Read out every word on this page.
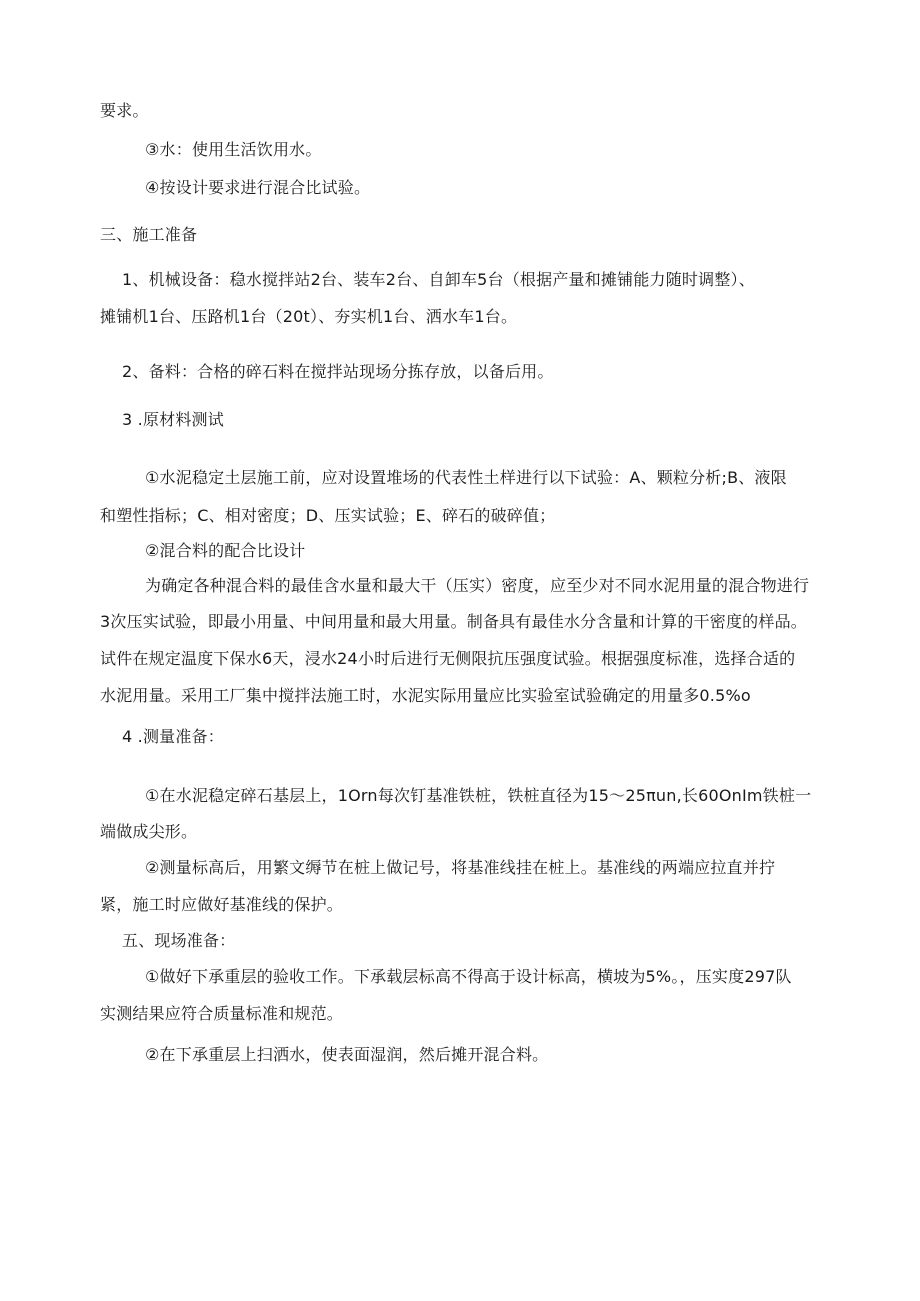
要求。
③水：使用生活饮用水。
④按设计要求进行混合比试验。
三、施工准备
1、机械设备：稳水搅拌站2台、装车2台、自卸车5台（根据产量和摊铺能力随时调整）、
摊铺机1台、压路机1台（20t）、夯实机1台、洒水车1台。
2、备料：合格的碎石料在搅拌站现场分拣存放，以备后用。
3 .原材料测试
①水泥稳定土层施工前，应对设置堆场的代表性土样进行以下试验：A、颗粒分析;B、液限
和塑性指标；C、相对密度；D、压实试验；E、碎石的破碎值；
②混合料的配合比设计
为确定各种混合料的最佳含水量和最大干（压实）密度，应至少对不同水泥用量的混合物进行
3次压实试验，即最小用量、中间用量和最大用量。制备具有最佳水分含量和计算的干密度的样品。
试件在规定温度下保水6天，浸水24小时后进行无侧限抗压强度试验。根据强度标准，选择合适的
水泥用量。采用工厂集中搅拌法施工时，水泥实际用量应比实验室试验确定的用量多0.5%o
4 .测量准备：
①在水泥稳定碎石基层上，1Orn每次钉基准铁桩，铁桩直径为15～25πun,长60OnIm铁桩一
端做成尖形。
②测量标高后，用繁文缛节在桩上做记号，将基准线挂在桩上。基准线的两端应拉直并拧
紧，施工时应做好基准线的保护。
五、现场准备：
①做好下承重层的验收工作。下承载层标高不得高于设计标高，横坡为5%。，压实度297队
实测结果应符合质量标准和规范。
②在下承重层上扫洒水，使表面湿润，然后摊开混合料。
